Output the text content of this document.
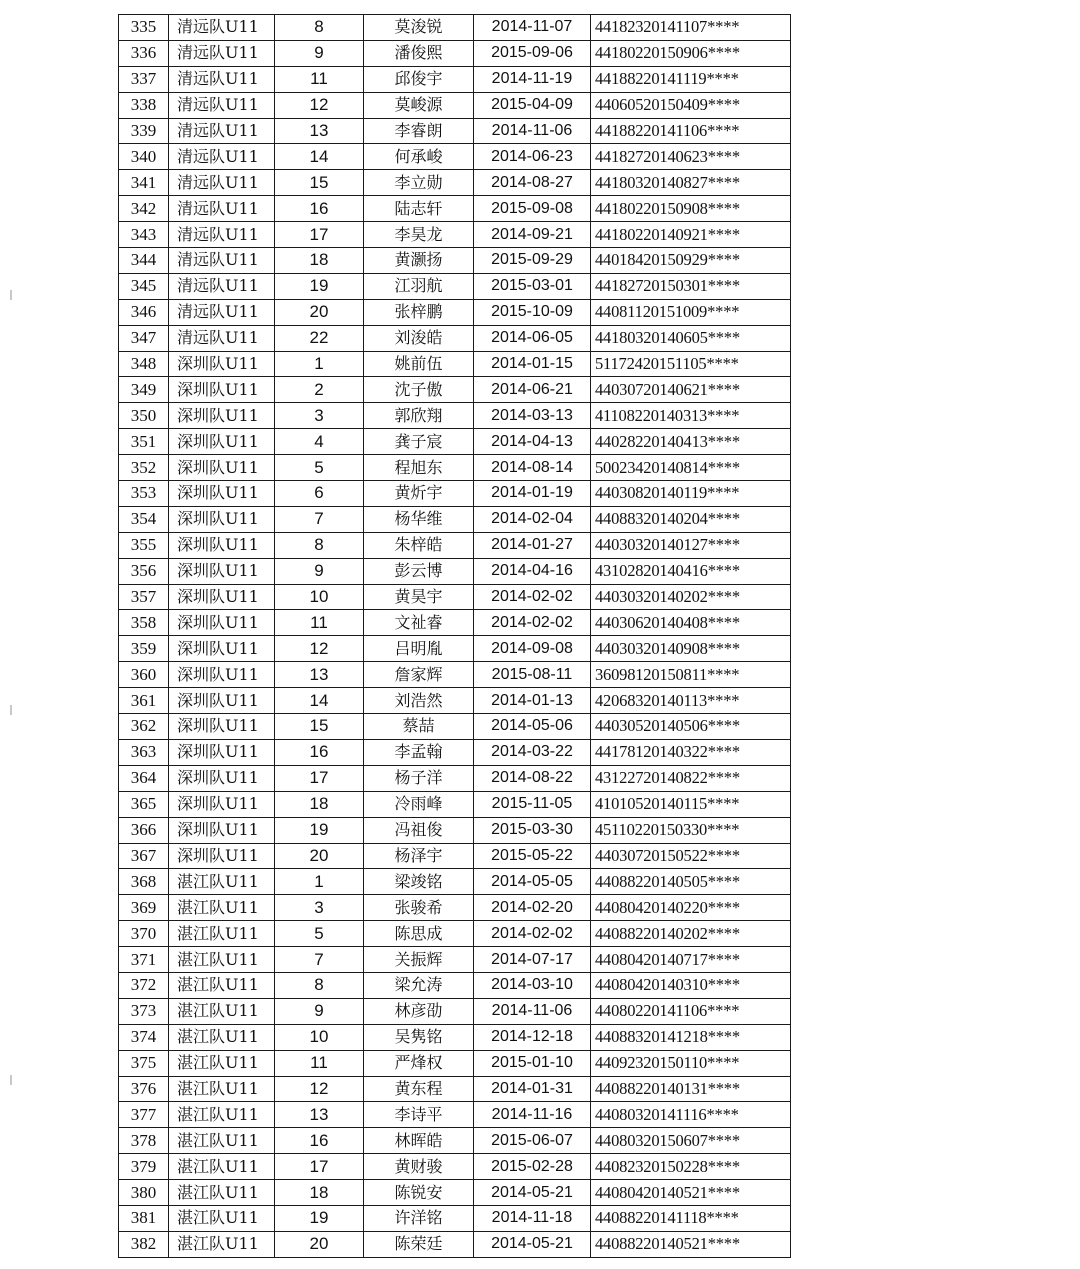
335	清远队U11	8	莫浚锐	2014-11-07	44182320141107****
336	清远队U11	9	潘俊熙	2015-09-06	44180220150906****
337	清远队U11	11	邱俊宇	2014-11-19	44188220141119****
338	清远队U11	12	莫峻源	2015-04-09	44060520150409****
339	清远队U11	13	李睿朗	2014-11-06	44188220141106****
340	清远队U11	14	何承峻	2014-06-23	44182720140623****
341	清远队U11	15	李立勋	2014-08-27	44180320140827****
342	清远队U11	16	陆志轩	2015-09-08	44180220150908****
343	清远队U11	17	李昊龙	2014-09-21	44180220140921****
344	清远队U11	18	黄灏扬	2015-09-29	44018420150929****
345	清远队U11	19	江羽航	2015-03-01	44182720150301****
346	清远队U11	20	张梓鹏	2015-10-09	44081120151009****
347	清远队U11	22	刘浚皓	2014-06-05	44180320140605****
348	深圳队U11	1	姚前伍	2014-01-15	51172420151105****
349	深圳队U11	2	沈子傲	2014-06-21	44030720140621****
350	深圳队U11	3	郭欣翔	2014-03-13	41108220140313****
351	深圳队U11	4	龚子宸	2014-04-13	44028220140413****
352	深圳队U11	5	程旭东	2014-08-14	50023420140814****
353	深圳队U11	6	黄炘宇	2014-01-19	44030820140119****
354	深圳队U11	7	杨华维	2014-02-04	44088320140204****
355	深圳队U11	8	朱梓皓	2014-01-27	44030320140127****
356	深圳队U11	9	彭云博	2014-04-16	43102820140416****
357	深圳队U11	10	黄昊宇	2014-02-02	44030320140202****
358	深圳队U11	11	文祉睿	2014-02-02	44030620140408****
359	深圳队U11	12	吕明胤	2014-09-08	44030320140908****
360	深圳队U11	13	詹家辉	2015-08-11	36098120150811****
361	深圳队U11	14	刘浩然	2014-01-13	42068320140113****
362	深圳队U11	15	蔡喆	2014-05-06	44030520140506****
363	深圳队U11	16	李孟翰	2014-03-22	44178120140322****
364	深圳队U11	17	杨子洋	2014-08-22	43122720140822****
365	深圳队U11	18	冷雨峰	2015-11-05	41010520140115****
366	深圳队U11	19	冯祖俊	2015-03-30	45110220150330****
367	深圳队U11	20	杨泽宇	2015-05-22	44030720150522****
368	湛江队U11	1	梁竣铭	2014-05-05	44088220140505****
369	湛江队U11	3	张骏希	2014-02-20	44080420140220****
370	湛江队U11	5	陈思成	2014-02-02	44088220140202****
371	湛江队U11	7	关振辉	2014-07-17	44080420140717****
372	湛江队U11	8	梁允涛	2014-03-10	44080420140310****
373	湛江队U11	9	林彦劭	2014-11-06	44080220141106****
374	湛江队U11	10	吴隽铭	2014-12-18	44088320141218****
375	湛江队U11	11	严烽权	2015-01-10	44092320150110****
376	湛江队U11	12	黄东程	2014-01-31	44088220140131****
377	湛江队U11	13	李诗平	2014-11-16	44080320141116****
378	湛江队U11	16	林晖皓	2015-06-07	44080320150607****
379	湛江队U11	17	黄财骏	2015-02-28	44082320150228****
380	湛江队U11	18	陈锐安	2014-05-21	44080420140521****
381	湛江队U11	19	许洋铭	2014-11-18	44088220141118****
382	湛江队U11	20	陈荣廷	2014-05-21	44088220140521****
